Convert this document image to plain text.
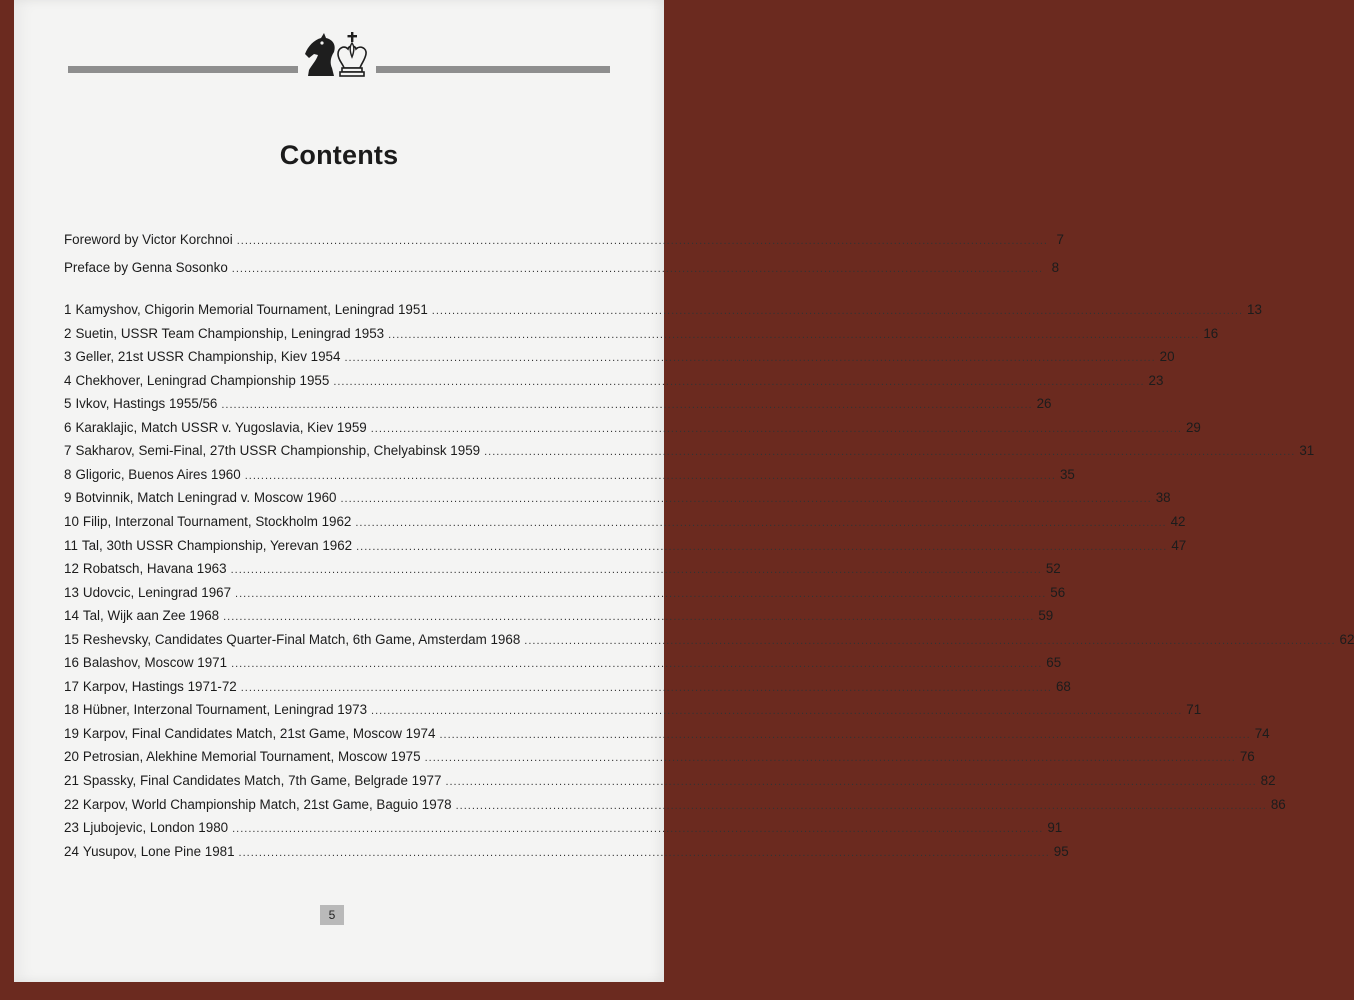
Contents
Foreword by Victor Korchnoi ........................................................................................................................................................................................................ 7
Preface by Genna Sosonko ........................................................................................................................................................................................................ 8
1 Kamyshov, Chigorin Memorial Tournament, Leningrad 1951 ........................................................................................................................................................................................................ 13
2 Suetin, USSR Team Championship, Leningrad 1953 ........................................................................................................................................................................................................ 16
3 Geller, 21st USSR Championship, Kiev 1954 ........................................................................................................................................................................................................ 20
4 Chekhover, Leningrad Championship 1955 ........................................................................................................................................................................................................ 23
5 Ivkov, Hastings 1955/56 ........................................................................................................................................................................................................ 26
6 Karaklajic, Match USSR v. Yugoslavia, Kiev 1959 ........................................................................................................................................................................................................ 29
7 Sakharov, Semi-Final, 27th USSR Championship, Chelyabinsk 1959 ........................................................................................................................................................................................................ 31
8 Gligoric, Buenos Aires 1960 ........................................................................................................................................................................................................ 35
9 Botvinnik, Match Leningrad v. Moscow 1960 ........................................................................................................................................................................................................ 38
10 Filip, Interzonal Tournament, Stockholm 1962 ........................................................................................................................................................................................................ 42
11 Tal, 30th USSR Championship, Yerevan 1962 ........................................................................................................................................................................................................ 47
12 Robatsch, Havana 1963 ........................................................................................................................................................................................................ 52
13 Udovcic, Leningrad 1967 ........................................................................................................................................................................................................ 56
14 Tal, Wijk aan Zee 1968 ........................................................................................................................................................................................................ 59
15 Reshevsky, Candidates Quarter-Final Match, 6th Game, Amsterdam 1968 ........................................................................................................................................................................................................ 62
16 Balashov, Moscow 1971 ........................................................................................................................................................................................................ 65
17 Karpov, Hastings 1971-72 ........................................................................................................................................................................................................ 68
18 Hübner, Interzonal Tournament, Leningrad 1973 ........................................................................................................................................................................................................ 71
19 Karpov, Final Candidates Match, 21st Game, Moscow 1974 ........................................................................................................................................................................................................ 74
20 Petrosian, Alekhine Memorial Tournament, Moscow 1975 ........................................................................................................................................................................................................ 76
21 Spassky, Final Candidates Match, 7th Game, Belgrade 1977 ........................................................................................................................................................................................................ 82
22 Karpov, World Championship Match, 21st Game, Baguio 1978 ........................................................................................................................................................................................................ 86
23 Ljubojevic, London 1980 ........................................................................................................................................................................................................ 91
24 Yusupov, Lone Pine 1981 ........................................................................................................................................................................................................ 95
5
